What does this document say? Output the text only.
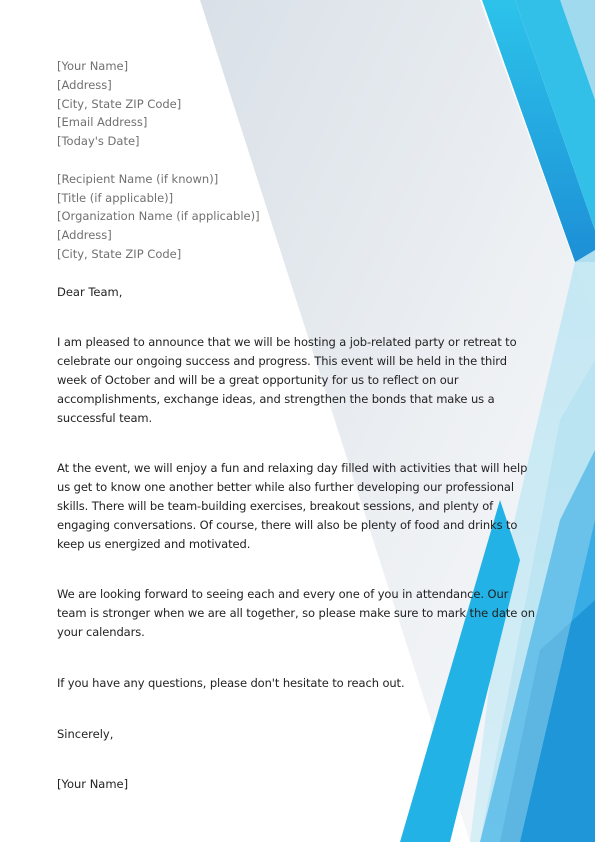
[Your Name]
[Address]
[City, State ZIP Code]
[Email Address]
[Today's Date]
[Recipient Name (if known)]
[Title (if applicable)]
[Organization Name (if applicable)]
[Address]
[City, State ZIP Code]

Dear Team,

I am pleased to announce that we will be hosting a job-related party or retreat to celebrate our ongoing success and progress. This event will be held in the third week of October and will be a great opportunity for us to reflect on our accomplishments, exchange ideas, and strengthen the bonds that make us a successful team.

At the event, we will enjoy a fun and relaxing day filled with activities that will help us get to know one another better while also further developing our professional skills. There will be team-building exercises, breakout sessions, and plenty of engaging conversations. Of course, there will also be plenty of food and drinks to keep us energized and motivated.

We are looking forward to seeing each and every one of you in attendance. Our team is stronger when we are all together, so please make sure to mark the date on your calendars.

If you have any questions, please don't hesitate to reach out.

Sincerely,

[Your Name]
